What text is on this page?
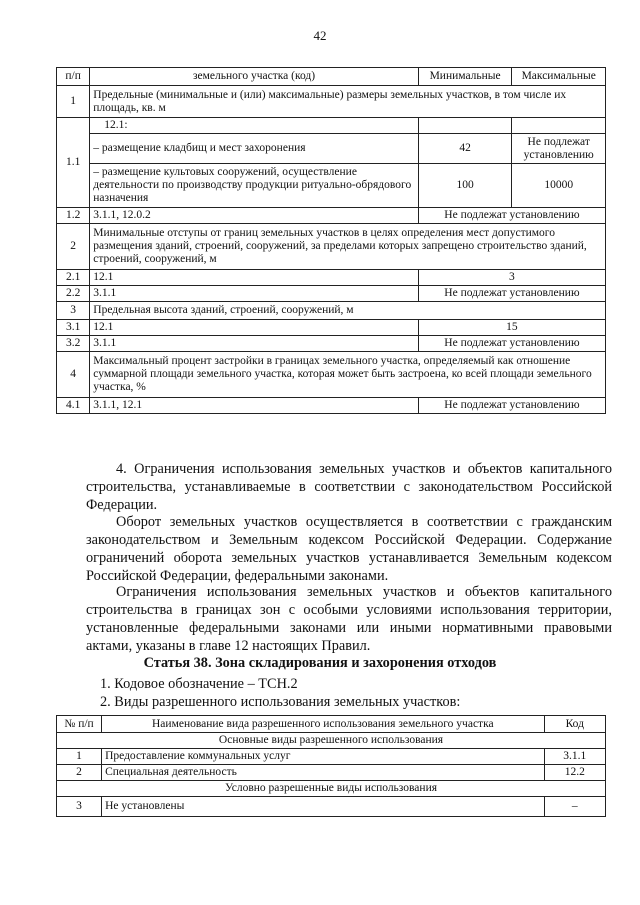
42
п/п	земельного участка (код)	Минимальные	Максимальные
1	Предельные (минимальные и (или) максимальные) размеры земельных участков, в том числе их площадь, кв. м		
1.1	12.1:		
	– размещение кладбищ и мест захоронения	42	Не подлежат установлению
	– размещение культовых сооружений, осуществление деятельности по производству продукции ритуально-обрядового назначения	100	10000
1.2	3.1.1, 12.0.2	Не подлежат установлению	
2	Минимальные отступы от границ земельных участков в целях определения мест допустимого размещения зданий, строений, сооружений, за пределами которых запрещено строительство зданий, строений, сооружений, м		
2.1	12.1	3	
2.2	3.1.1	Не подлежат установлению	
3	Предельная высота зданий, строений, сооружений, м		
3.1	12.1	15	
3.2	3.1.1	Не подлежат установлению	
4	Максимальный процент застройки в границах земельного участка, определяемый как отношение суммарной площади земельного участка, которая может быть застроена, ко всей площади земельного участка, %		
4.1	3.1.1, 12.1	Не подлежат установлению	
4. Ограничения использования земельных участков и объектов капитального строительства, устанавливаемые в соответствии с законодательством Российской Федерации.
Оборот земельных участков осуществляется в соответствии с гражданским законодательством и Земельным кодексом Российской Федерации. Содержание ограничений оборота земельных участков устанавливается Земельным кодексом Российской Федерации, федеральными законами.
Ограничения использования земельных участков и объектов капитального строительства в границах зон с особыми условиями использования территории, установленные федеральными законами или иными нормативными правовыми актами, указаны в главе 12 настоящих Правил.
Статья 38. Зона складирования и захоронения отходов
1. Кодовое обозначение – ТСН.2
2. Виды разрешенного использования земельных участков:
№ п/п	Наименование вида разрешенного использования земельного участка	Код
Основные виды разрешенного использования		
1	Предоставление коммунальных услуг	3.1.1
2	Специальная деятельность	12.2
Условно разрешенные виды использования		
3	Не установлены	–
